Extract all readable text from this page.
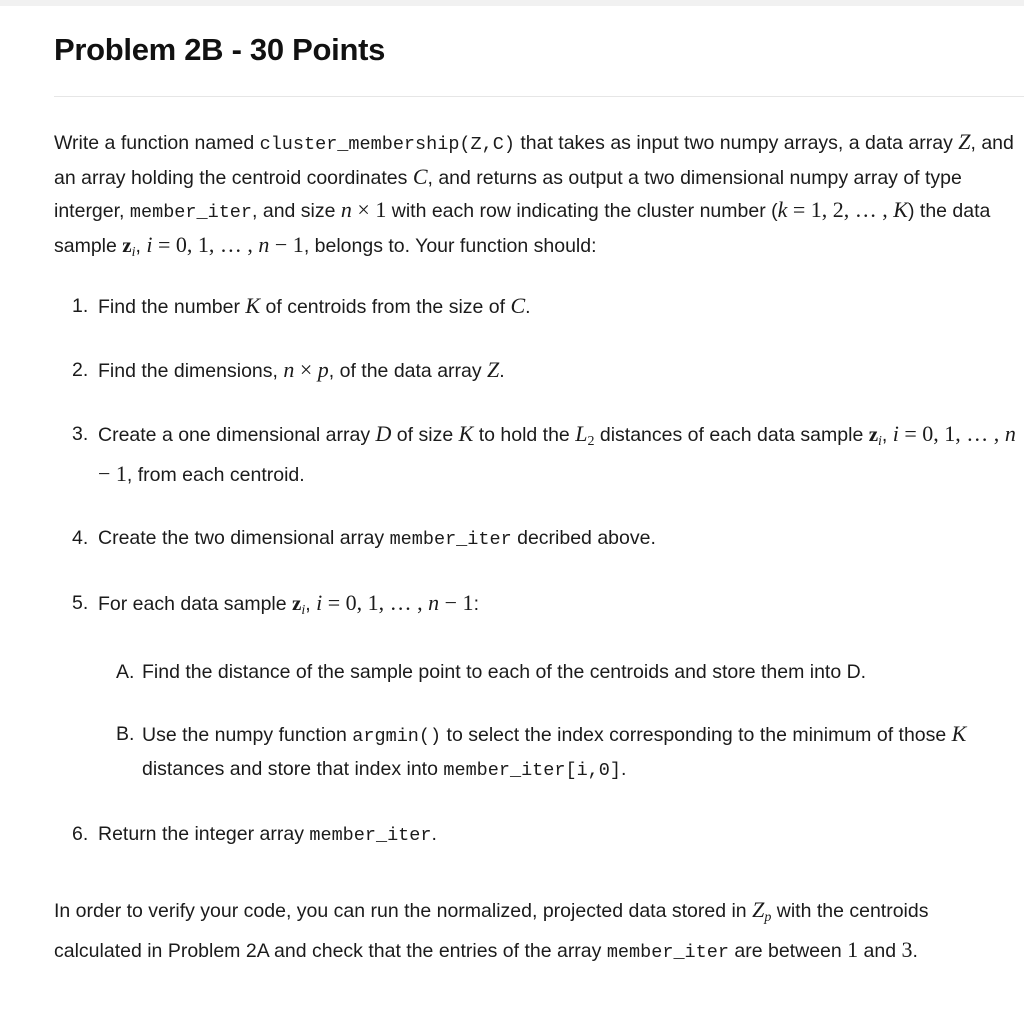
Problem 2B - 30 Points

Write a function named cluster_membership(Z,C) that takes as input two numpy arrays, a data array Z, and an array holding the centroid coordinates C, and returns as output a two dimensional numpy array of type interger, member_iter, and size n × 1 with each row indicating the cluster number (k = 1, 2, … , K) the data sample $z_i$, i = 0, 1, … , n − 1, belongs to. Your function should:

1. Find the number K of centroids from the size of C.
2. Find the dimensions, n × p, of the data array Z.
3. Create a one dimensional array D of size K to hold the $L_2$ distances of each data sample $z_i$, i = 0, 1, … , n − 1, from each centroid.
4. Create the two dimensional array member_iter decribed above.
5. For each data sample $z_i$, i = 0, 1, … , n − 1:
A. Find the distance of the sample point to each of the centroids and store them into D.
B. Use the numpy function argmin() to select the index corresponding to the minimum of those K distances and store that index into member_iter[i,0].
6. Return the integer array member_iter.

In order to verify your code, you can run the normalized, projected data stored in $Z_p$ with the centroids calculated in Problem 2A and check that the entries of the array member_iter are between 1 and 3.
